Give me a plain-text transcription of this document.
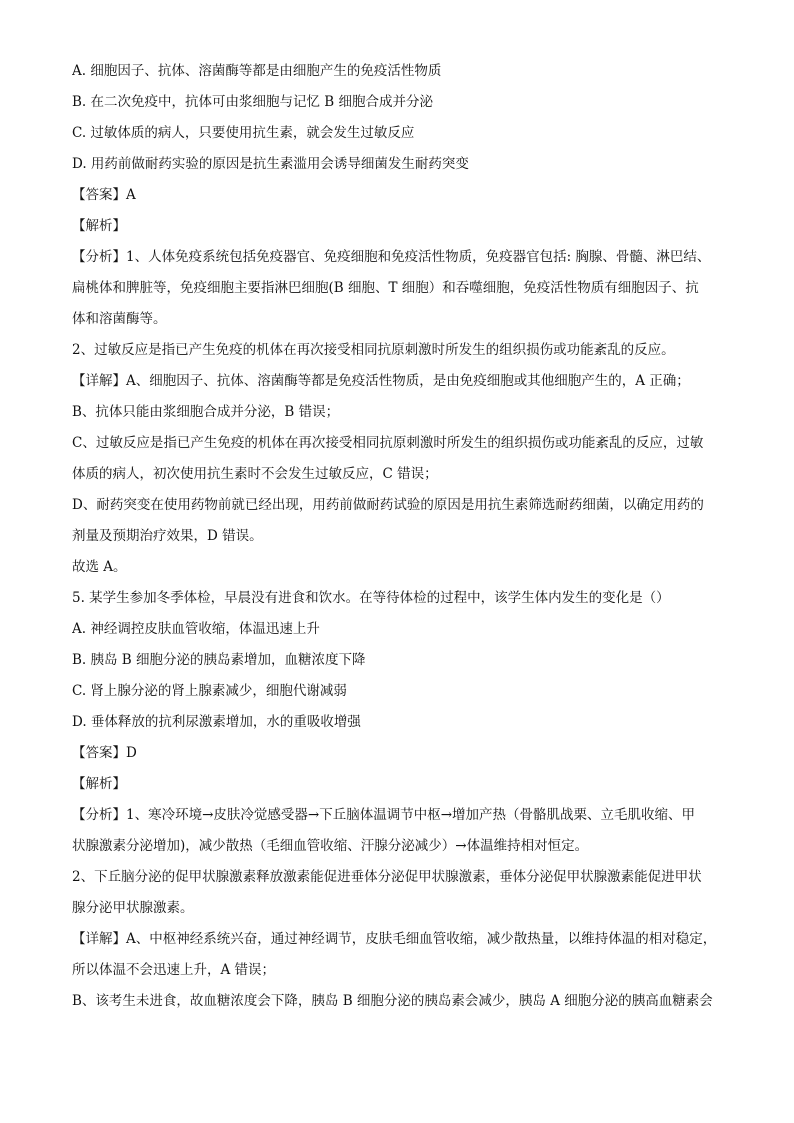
A. 细胞因子、抗体、溶菌酶等都是由细胞产生的免疫活性物质

B. 在二次免疫中，抗体可由浆细胞与记忆 B 细胞合成并分泌

C. 过敏体质的病人，只要使用抗生素，就会发生过敏反应

D. 用药前做耐药实验的原因是抗生素滥用会诱导细菌发生耐药突变

【答案】A

【解析】

【分析】1、人体免疫系统包括免疫器官、免疫细胞和免疫活性物质，免疫器官包括: 胸腺、骨髓、淋巴结、

扁桃体和脾脏等，免疫细胞主要指淋巴细胞(B 细胞、T 细胞）和吞噬细胞，免疫活性物质有细胞因子、抗

体和溶菌酶等。

2、过敏反应是指已产生免疫的机体在再次接受相同抗原刺激时所发生的组织损伤或功能紊乱的反应。

【详解】A、细胞因子、抗体、溶菌酶等都是免疫活性物质，是由免疫细胞或其他细胞产生的，A 正确；

B、抗体只能由浆细胞合成并分泌，B 错误；

C、过敏反应是指已产生免疫的机体在再次接受相同抗原刺激时所发生的组织损伤或功能紊乱的反应，过敏

体质的病人，初次使用抗生素时不会发生过敏反应，C 错误；

D、耐药突变在使用药物前就已经出现，用药前做耐药试验的原因是用抗生素筛选耐药细菌，以确定用药的

剂量及预期治疗效果，D 错误。

故选 A。

5. 某学生参加冬季体检，早晨没有进食和饮水。在等待体检的过程中，该学生体内发生的变化是（）

A. 神经调控皮肤血管收缩，体温迅速上升

B. 胰岛 B 细胞分泌的胰岛素增加，血糖浓度下降

C. 肾上腺分泌的肾上腺素减少，细胞代谢减弱

D. 垂体释放的抗利尿激素增加，水的重吸收增强

【答案】D

【解析】

【分析】1、寒冷环境→皮肤冷觉感受器→下丘脑体温调节中枢→增加产热（骨骼肌战栗、立毛肌收缩、甲

状腺激素分泌增加)，减少散热（毛细血管收缩、汗腺分泌减少）→体温维持相对恒定。

2、下丘脑分泌的促甲状腺激素释放激素能促进垂体分泌促甲状腺激素，垂体分泌促甲状腺激素能促进甲状

腺分泌甲状腺激素。

【详解】A、中枢神经系统兴奋，通过神经调节，皮肤毛细血管收缩，减少散热量，以维持体温的相对稳定，

所以体温不会迅速上升，A 错误；

B、该考生未进食，故血糖浓度会下降，胰岛 B 细胞分泌的胰岛素会减少，胰岛 A 细胞分泌的胰高血糖素会
